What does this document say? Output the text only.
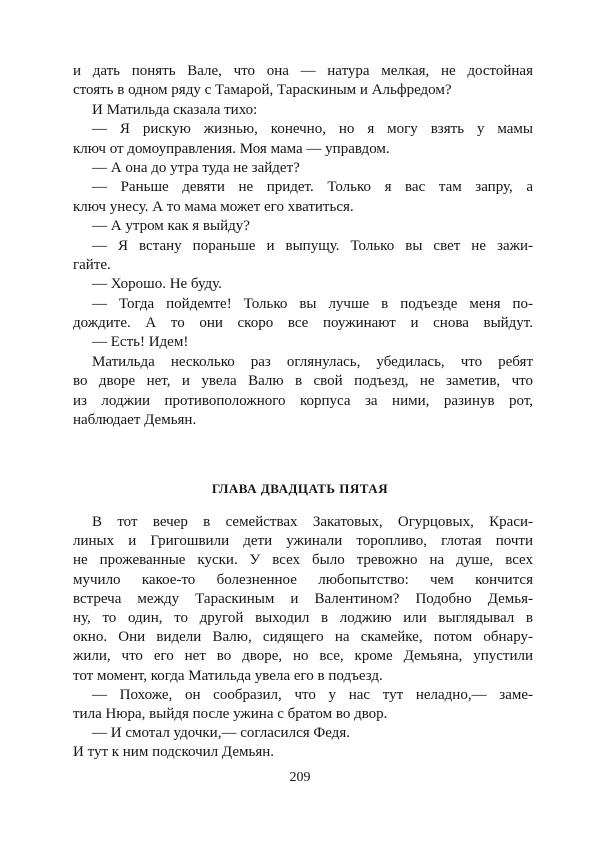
и дать понять Вале, что она — натура мелкая, не достойная
стоять в одном ряду с Тамарой, Тараскиным и Альфредом?
И Матильда сказала тихо:
— Я рискую жизнью, конечно, но я могу взять у мамы
ключ от домоуправления. Моя мама — управдом.
— А она до утра туда не зайдет?
— Раньше девяти не придет. Только я вас там запру, а
ключ унесу. А то мама может его хватиться.
— А утром как я выйду?
— Я встану пораньше и выпущу. Только вы свет не зажи-
гайте.
— Хорошо. Не буду.
— Тогда пойдемте! Только вы лучше в подъезде меня по-
дождите. А то они скоро все поужинают и снова выйдут.
— Есть! Идем!
Матильда несколько раз оглянулась, убедилась, что ребят
во дворе нет, и увела Валю в свой подъезд, не заметив, что
из лоджии противоположного корпуса за ними, разинув рот,
наблюдает Демьян.
ГЛАВА ДВАДЦАТЬ ПЯТАЯ
В тот вечер в семействах Закатовых, Огурцовых, Краси-
линых и Григошвили дети ужинали торопливо, глотая почти
не прожеванные куски. У всех было тревожно на душе, всех
мучило какое-то болезненное любопытство: чем кончится
встреча между Тараскиным и Валентином? Подобно Демья-
ну, то один, то другой выходил в лоджию или выглядывал в
окно. Они видели Валю, сидящего на скамейке, потом обнару-
жили, что его нет во дворе, но все, кроме Демьяна, упустили
тот момент, когда Матильда увела его в подъезд.
— Похоже, он сообразил, что у нас тут неладно,— заме-
тила Нюра, выйдя после ужина с братом во двор.
— И смотал удочки,— согласился Федя.
И тут к ним подскочил Демьян.
209
